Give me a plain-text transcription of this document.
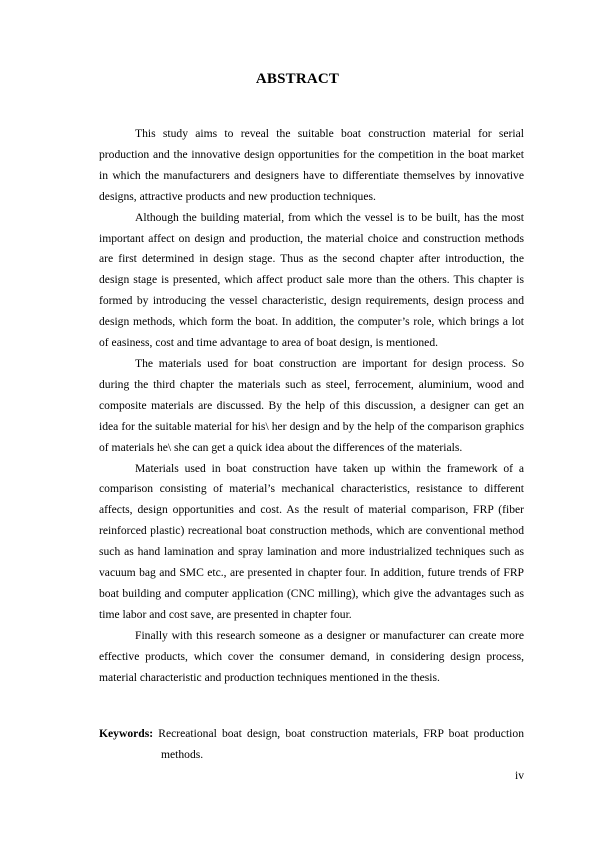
ABSTRACT

This study aims to reveal the suitable boat construction material for serial production and the innovative design opportunities for the competition in the boat market in which the manufacturers and designers have to differentiate themselves by innovative designs, attractive products and new production techniques.

Although the building material, from which the vessel is to be built, has the most important affect on design and production, the material choice and construction methods are first determined in design stage. Thus as the second chapter after introduction, the design stage is presented, which affect product sale more than the others. This chapter is formed by introducing the vessel characteristic, design requirements, design process and design methods, which form the boat. In addition, the computer’s role, which brings a lot of easiness, cost and time advantage to area of boat design, is mentioned.

The materials used for boat construction are important for design process. So during the third chapter the materials such as steel, ferrocement, aluminium, wood and composite materials are discussed. By the help of this discussion, a designer can get an idea for the suitable material for his\ her design and by the help of the comparison graphics of materials he\ she can get a quick idea about the differences of the materials.

Materials used in boat construction have taken up within the framework of a comparison consisting of material’s mechanical characteristics, resistance to different affects, design opportunities and cost. As the result of material comparison, FRP (fiber reinforced plastic) recreational boat construction methods, which are conventional method such as hand lamination and spray lamination and more industrialized techniques such as vacuum bag and SMC etc., are presented in chapter four. In addition, future trends of FRP boat building and computer application (CNC milling), which give the advantages such as time labor and cost save, are presented in chapter four.

Finally with this research someone as a designer or manufacturer can create more effective products, which cover the consumer demand, in considering design process, material characteristic and production techniques mentioned in the thesis.

Keywords: Recreational boat design, boat construction materials, FRP boat production methods.
iv
